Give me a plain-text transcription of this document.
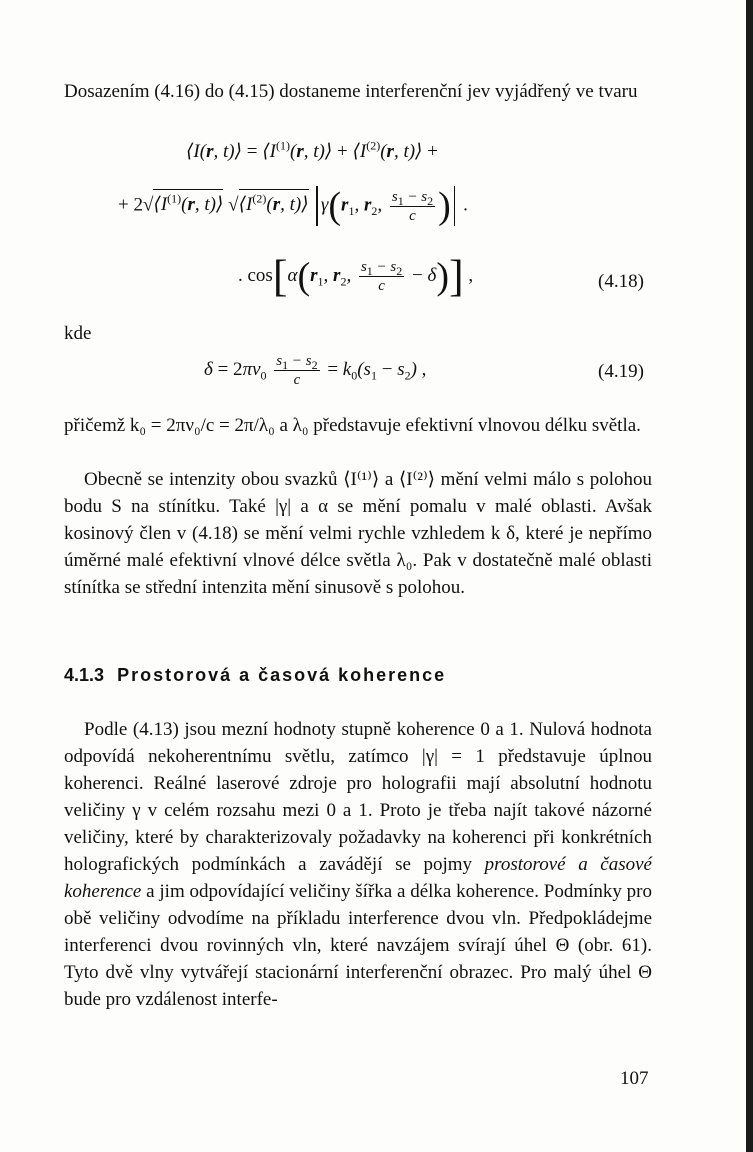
Dosazením (4.16) do (4.15) dostaneme interferenční jev vyjádřený ve tvaru
⟨I(r, t)⟩ = $⟨I^{(1)}(r$, t)⟩ + $⟨I^{(2)}(r$, t)⟩ +
+ $2√⟨I^{(1)}(r$, t)⟩ $√⟨I^{(2)}(r$, t)⟩ $\gamma(r_1$, $r_2$, $\frac{s_1 - s_2}{c}$ ) .
. $\cos[\alpha(r_1$, $r_2$, $\frac{s_1 - s_2}{c} - \delta$)] ,	(4.18)
kde
$\delta = 2\pi\nu_0 \frac{s_1 - s_2}{c} = k_0(s_1 - s_2)$ ,	(4.19)
přičemž k₀ = 2πν₀/c = 2π/λ₀ a λ₀ představuje efektivní vlnovou délku světla.
Obecně se intenzity obou svazků ⟨I⁽¹⁾⟩ a ⟨I⁽²⁾⟩ mění velmi málo s polohou bodu S na stínítku. Také |γ| a α se mění pomalu v malé oblasti. Avšak kosinový člen v (4.18) se mění velmi rychle vzhledem k δ, které je nepřímo úměrné malé efektivní vlnové délce světla λ₀. Pak v dostatečně malé oblasti stínítka se střední intenzita mění sinusově s polohou.
4.1.3 Prostorová a časová koherence
Podle (4.13) jsou mezní hodnoty stupně koherence 0 a 1. Nulová hodnota odpovídá nekoherentnímu světlu, zatímco |γ| = 1 představuje úplnou koherenci. Reálné laserové zdroje pro holografii mají absolutní hodnotu veličiny γ v celém rozsahu mezi 0 a 1. Proto je třeba najít takové názorné veličiny, které by charakterizovaly požadavky na koherenci při konkrétních holografických podmínkách a zavádějí se pojmy prostorové a časové koherence a jim odpovídající veličiny šířka a délka koherence. Podmínky pro obě veličiny odvodíme na příkladu interference dvou vln. Předpokládejme interferenci dvou rovinných vln, které navzájem svírají úhel Θ (obr. 61). Tyto dvě vlny vytvářejí stacionární interferenční obrazec. Pro malý úhel Θ bude pro vzdálenost interfe-
107
